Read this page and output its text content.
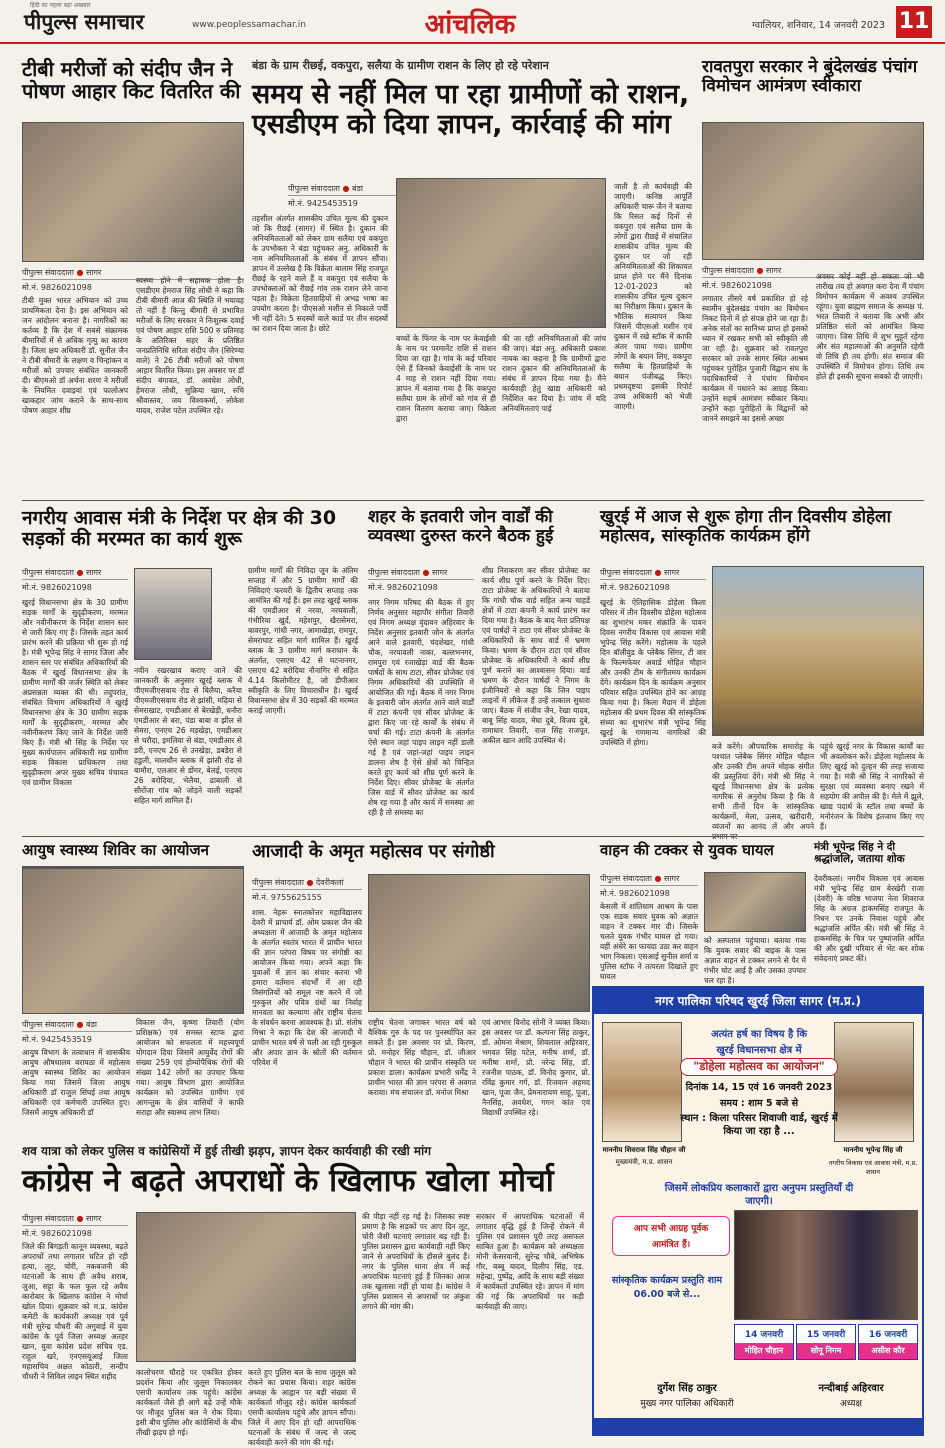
हिंदी का पहला बड़ा अखबार
पीपुल्स समाचार	www.peoplessamachar.in	आंचलिक	ग्वालियर, शनिवार, 14 जनवरी 2023 11
टीबी मरीजों को संदीप जैन ने पोषण आहार किट वितरित की
पीपुल्स संवाददाता ● सागर
मो.नं. 9826021098
टीबी मुक्त भारत अभियान को उच्च प्राथमिकता देना है। इस अभियान को जन आंदोलन बनाना है। नागरिकों का कर्तव्य है कि देश में सबसे संक्रामक बीमारियों में से अधिक गृत्यु का कारण है। जिला क्षय अधिकारी डॉ. सुनील जैन ने टीबी बीमारी के लक्षण व चिन्हांकन व मरीजों को उपचार संबंधित जानकारी दी। बीएमओ डॉ अर्चना शरण ने मरीजों के नियमित दवाइयां एवं फालोअप खाकहार जांच कराने के साथ-साथ पोषण आहार शीघ्र
स्वस्थ्य होने में सहायक होता है। एसडीएम हेमराज सिंह लोधी ने कहा कि टीबी बीमारी आज की स्थिति में भयावह तो नहीं है किन्तु बीमारी से प्रभावित मरीजों के लिए सरकार ने निःशुल्क दवाई एवं पोषण आहार राशि 500 रु प्रतिमाह के अतिरिक्त सहर के प्रतिष्ठित जनप्रतिनिधि सरिता संदीप जैन (सिरेण्या वाले) ने 26 टीबी मरीजों को पोषण आहार वितरित किया। इस अवसर पर डॉ संदीप बंगावत, डॉ. अवधेश लोधी, हेमराज लोधी, सुक्रिया खान, रुचि श्रीवास्तव, जय विश्वकर्मा, लोकेश यादव, राजेश पटेल उपस्थित रहे।
बंडा के ग्राम रीछई, वकपुरा, सलैया के ग्रामीण राशन के लिए हो रहे परेशान
समय से नहीं मिल पा रहा ग्रामीणों को राशन, एसडीएम को दिया ज्ञापन, कार्रवाई की मांग
पीपुल्स संवाददाता ● बंडा
मो.नं. 9425453519
तहसील अंतर्गत शासकीय उचित मूल्य की दुकान जो कि रीछई (सागर) में स्थित है। दुकान की अनियमितताओं को लेकर ग्राम सलैया एवं वकपुरा के उपभोक्ता ने बंडा पहुंचकर अनु. अधिकारी के नाम अनियमितताओं के संबंध में ज्ञापन सौंपा। ज्ञापन में उल्लेख है कि विक्रेता बालाम सिंह राजपूत रीछई के रहने वाले हैं व वकपुरा एवं सलैया के उपभोक्ताओं को रीछई गांव तक राशन लेने जाना पड़ता है। विक्रेता हितग्राहियों से अभद्र भाषा का उपयोग करता है। पीएसओ मशीन से निकाले पर्ची भी नहीं देते। 5 सदस्यों वाले कार्ड पर तीन सदस्यों का राशन दिया जाता है। छोटे
बच्चों के फिंगर के नाम पर केवाईसी के नाम पर परमानेंट राशि से राशन दिया जा रहा है। गांव के कई परिवार ऐसे हैं जिनको केवाईसी के नाम पर 4 माह से राशन नहीं दिया गया। ज्ञापन में बताया गया है कि वकपुरा सलैया ग्राम के लोगों को गांव से ही राशन वितरण कराया जाए। विक्रेता द्वारा
की जा रही अनियमितताओं की जांच की जाए। बंडा अनु. अधिकारी प्रकाश नायक का कहना है कि ग्रामीणों द्वारा राशन दुकान की अनियमितताओं के संबंध में ज्ञापन दिया गया है। मैंने कार्यवाही हेतु खाद्य अधिकारी को निर्देशित कर दिया है। जांच में यदि अनियमितताएं पाई
जाती है तो कार्यवाही की जाएगी। कनिष्ठ आपूर्ति अधिकारी चारू जैन ने बताया कि रिसत कई दिनों से वकपुरा एवं सलैया ग्राम के लोगों द्वारा रीछई में संचालित शासकीय उचित मूल्य की दुकान पर जो रही अनियमितताओं की शिकायत प्राप्त होने पर मैंने दिनांक 12-01-2023 को शासकीय उचित मूल्य दुकान का निरीक्षण किया। दुकान के भौतिक सत्यापन किया जिसमें पीएसओ मशीन एवं दुकान में रखे स्टॉक में काफी अंतर पाया गया। ग्रामीण लोगों के बयान लिए, वकपुरा सलैया के हितग्राहियों के बयान पंजीबद्ध किए। प्रथमदृष्टया इसकी रिपोर्ट उच्च अधिकारी को भेजी जाएगी।
रावतपुरा सरकार ने बुंदेलखंड पंचांग विमोचन आमंत्रण स्वीकारा
पीपुल्स संवाददाता ● सागर
मो.नं. 9826021098
लगातार तीसरे वर्ष प्रकाशित हो रहे स्वामीन बुंदेलखंड पंचांग का विमोचन निकट दिनों में हो संपन्न होने जा रहा है। अनेक संतों का सानिध्य प्राप्त हो इसको ध्यान में रखकर सभी को स्वीकृति ली जा रही है। शुक्रवार को रावतपुरा सरकार को उनके सागर स्थित आश्रम पहुंचकर पुरोहित पुजारी विद्वान संघ के पदाधिकारियों ने पंचांग विमोचन कार्यक्रम में पधारने का आग्रह किया। उन्होंने सहर्ष आमंत्रण स्वीकार किया। उन्होंने कहा पुरोहितों के विद्वानों को जानने समझने का इससे अच्छा
अवसर कोई नहीं हो सकता जो भी तारीख तय हो अवगत करा देना मैं पंचांग विमोचन कार्यक्रम में अवश्य उपस्थित रहूंगा। युवा ब्राह्मण समाज के अध्यक्ष पं. भरत तिवारी ने बताया कि अभी और प्रतिष्ठित संतों को आमंत्रित किया जाएगा। जिस तिथि में शुभ मुहूर्त रहेगा और संत महात्माओं की अनुमति रहेगी वो तिथि ही तय होगी। संत समाज की उपस्थिति में विमोचन होगा। तिथि तय होते ही इसकी सूचना सबको दी जाएगी।
नगरीय आवास मंत्री के निर्देश पर क्षेत्र की 30 सड़कों की मरम्मत का कार्य शुरू
पीपुल्स संवाददाता ● सागर
मो.नं. 9826021098
खुरई विधानसभा क्षेत्र के 30 ग्रामीण सड़क मार्गों के सुदृढ़ीकरण, मरम्मत और नवीनीकरण के निर्देश शासन स्तर से जारी किए गए हैं। जिसके तहत कार्य प्रारंभ करने की प्रक्रिया भी शुरू हो गई है। मंत्री भूपेन्द्र सिंह ने सागर जिला और शासन स्तर पर संबंधित अधिकारियों की बैठक में खुरई विधानसभा क्षेत्र के ग्रामीण मार्गों की जर्जर स्थिति को लेकर अप्रसन्नता व्यक्त की थी। तदुपरांत, संबंधित विभाग अधिकारियों ने खुरई विधानसभा क्षेत्र के 30 ग्रामीण सड़क मार्गों के सुदृढ़ीकरण, मरम्मत और नवीनीकरण किए जाने के निर्देश जारी किए हैं। मंत्री श्री सिंह के निर्देश पर मुख्य कार्यपालन अधिकारी मप्र ग्रामीण सड़क विकास प्राधिकरण तथा सुदृढ़ीकरण अपर मुख्य सचिव पंचायत एवं ग्रामीण विकास
नवीन रखरखाव कराए जाने की जानकारी के अनुसार खुरई ब्लाक में पीएमजीएसवाय रोड से बिलैया, करैया पीएमजीएसवाय रोड से झांसी, मढ़िया से सेमराखाट, एमडीआर से बेरखेड़ी, धनौरा एमडीआर से बरा, पंडा बाबा व झील से सेमरा, एनएच 26 मड़खेड़ा, एमडीआर से चरौदा, इमलिया से बंडा, एमडीआर से डरी, एनएच 26 से उनखेड़ा, डबडेरा से हडुली, मालथौन ब्लाक में झांसी रोड से बामौरा, एलआर से डोंगर, बेलई, एनएच 26 बरोदिया, भेलैया, ढाबाली से सीरोंजा गांव को जोड़ने वाली सड़कों सहित मार्ग शामिल हैं।
ग्रामीण मार्गों की निविदा जून के अंतिम सप्ताह में और 5 ग्रामीण मार्गों की निविदाएं फरवरी के द्वितीय सप्ताह तक आमंत्रित की गई हैं। इस तरह खुरई ब्लाक की एमडीआर से नरवा, नरयवाली, गंभीरिया खुर्द, महेशपुर, खैरासेमरा, बावरपुर, गांधी नगर, आमाखेड़ा, रामपुर, सेमराघाट सहित मार्ग शामिल हैं। खुरई ब्लाक के 3 ग्रामीण मार्ग कराधान के अंतर्गत, एसएच 42 से घटनानगर, एसएच 42 बरोदिया नौनागिर से सहित 4.14 किलोमीटर है, जो डीपीआर स्वीकृति के लिए विचाराधीन है। खुरई विधानसभा क्षेत्र में 30 सड़कों की मरम्मत कराई जाएगी।
शहर के इतवारी जोन वार्डों की व्यवस्था दुरुस्त करने बैठक हुई
पीपुल्स संवाददाता ● सागर
मो.नं. 9826021098
नगर निगम परिषद की बैठक में हुए निर्णय अनुसार महापौर संगीता तिवारी एवं निगम अध्यक्ष वृंदावन अहिरवार के निर्देश अनुसार इतवारी जोन के अंतर्गत आने वाले इतवारी, चंदशेखर, गांधी चौक, नरयावली नाका, बल्लभनगर, रामपुरा एवं रजाखेड़ा वार्ड की बैठक पार्षदों के साथ टाटा, सीवर प्रोजेक्ट एवं निगम अधिकारियों की उपस्थिति में आयोजित की गई। बैठक में नगर निगम के इतवारी जोन अंतर्गत आने वाले वार्डों में टाटा कंपनी एवं सीवर प्रोजेक्ट के द्वारा किए जा रहे कार्यों के संबंध में चर्चा की गई। टाटा कंपनी के अंतर्गत ऐसे स्थान जहां पाइप लाइन नहीं डाली गई है एवं जहां-जहां पाइप लाइन डालना शेष है ऐसे क्षेत्रों को चिन्हित करते हुए कार्य को शीघ्र पूर्ण करने के निर्देश दिए। सीवर प्रोजेक्ट के अंतर्गत जिस वार्ड में सीवर प्रोजेक्ट का कार्य शेष रह गया है और कार्य में समस्या आ रही है तो समस्या का
शीघ्र निराकरण कर सीवर प्रोजेक्ट का कार्य शीघ्र पूर्ण करने के निर्देश दिए। टाटा प्रोजेक्ट के अधिकारियों ने बताया कि गांधी चौक वार्ड सहित अन्य चाहडें क्षेत्रों में टाटा कंपनी ने कार्य प्रारंभ कर दिया गया है। बैठक के बाद नेता प्रतिपक्ष एवं पार्षदों ने टाटा एवं सीवर प्रोजेक्ट के अधिकारियों के साथ वार्ड में भ्रमण किया। भ्रमण के दौरान टाटा एवं सीवर प्रोजेक्ट के अधिकारियों ने कार्य शीघ्र पूर्ण कराने का आश्वासन दिया। वार्ड भ्रमण के दौरान पार्षदों ने निगम के इंजीनियरों से कहा कि जिन पाइप लाइनों में लीकेज हैं उन्हें तत्काल सुधारा जाए। बैठक में संजीव जैन, रेखा यादव, बाबू सिंह यादव, मेघा दुबे, विजय दुबे, रामाधार तिवारी, राज सिंह राजपूत, अकील खान आदि उपस्थित थे।
खुरई में आज से शुरू होगा तीन दिवसीय डोहेला महोत्सव, सांस्कृतिक कार्यक्रम होंगे
पीपुल्स संवाददाता ● सागर
मो.नं. 9826021098
खुरई के ऐतिहासिक डोहेला किला परिसर में तीन दिवसीय डोहेला महोत्सव का शुभारंभ मकर संक्रांति के पावन दिवस नगरीय विकास एवं आवास मंत्री भूपेन्द्र सिंह करेंगे। महोत्सव के पहले दिन बॉलीवुड के प्लेबैक सिंगर, टी वार के फिल्मफेयर अवार्ड मोहित चौहान और उनकी टीम के संगीतमय कार्यक्रम देंगे। कार्यक्रम दिन के कार्यक्रम अनुसार परिवार सहित उपस्थित होने का आग्रह किया गया है। किला मैदान में डोहेला महोत्सव की प्रथम दिवस की सांस्कृतिक संध्या का शुभारंभ मंत्री भूपेन्द्र सिंह खुरई के गणमान्य नागरिकों की उपस्थिति में होगा।	बजे करेंगे। औपचारिक समारोह के पश्चात प्लेबैक सिंगर मोहित चौहान और उनकी टीम अपने मोहक संगीत की प्रस्तुतियां देंगे। मंत्री श्री सिंह ने खुरई विधानसभा क्षेत्र के प्रत्येक नागरिक से अनुरोध किया है कि वे सभी तीनों दिन के सांस्कृतिक कार्यक्रमों, मेला, उत्सव, खरीदारी, व्यंजनों का आनंद लें और अपने
पहुंचे खुरई नगर के विकास कार्यों का भी अवलोकन करें। डोहेला महोत्सव के लिए खुरई को दुल्हन की तरह सजाया गया है। मंत्री श्री सिंह ने नागरिकों से सुरक्षा एवं व्यवस्था बनाए रखने में सहयोग की अपील की है। मेले में झूले, खाद्य पदार्थ के स्टॉल तथा बच्चों के मनोरंजन के विशेष इंतजाम किए गए हैं।
आयुष स्वास्थ्य शिविर का आयोजन
पीपुल्स संवाददाता ● बंडा
मो.नं. 9425453519
आयुष विभाग के तत्वाधान में शासकीय आयुष औषधालय बरायठा में महोत्सव आयुष स्वास्थ्य शिविर का आयोजन किया गया जिसमें जिला आयुष अधिकारी डॉ राजुल सिंघई तथा आयुष अधिकारी एवं कर्मचारी उपस्थित हुए। जिसमें आयुष अधिकारी डॉ
विकास जैन, कृष्णा तिवारी (योग प्रशिक्षक) एवं समस्त स्टाफ द्वारा आयोजन को सफलता में महत्त्वपूर्ण योगदान दिया जिसमें आयुर्वेद रोगों की संख्या 259 एवं होम्योपैथिक रोगों की संख्या 142 लोगों का उपचार किया गया। आयुष विभाग द्वारा आयोजित कार्यक्रम को उपस्थित ग्रामीण एवं आगन्तुक के क्षेत्र वासियों ने काफी सराहा और स्वास्थ्य लाभ लिया।
आजादी के अमृत महोत्सव पर संगोष्ठी
पीपुल्स संवाददाता ● देवरीकलां
मो.नं. 9755625155
शास. नेहरू स्नातकोत्तर महाविद्यालय देवरी में प्राचार्य डॉ. ओम प्रकाश जैन की अध्यक्षता में आजादी के अमृत महोत्सव के अंतर्गत स्वतंत्र भारत में प्राचीन भारत की ज्ञान परंपरा विषय पर संगोष्ठी का आयोजन किया गया। अपने कहा कि युवाओं में ज्ञान का संचार करना भी हमारा वर्तमान संदर्भों में आ रही विसंगतियों को समूल नष्ट करने में जो गुरुकुल और पवित्र ग्रंथों का निर्वाह मानवता का कल्याण और राष्ट्रीय चेतना के संवर्धन करना आवश्यक है। प्रो. संतोष मिश्रा ने कहा कि देश की आजादी में प्राचीन भारत वर्ष से चली आ रही गुरुकुल और अपार ज्ञान के स्रोतों की वर्तमान परिवेश में
राष्ट्रीय चेतना जगाकर भारत वर्ष को वैश्विक गुरु के पद पर पुनर्स्थापित कर सकते हैं। इस अवसर पर प्रो. किरण, प्रो. मनोहर सिंह चौहान, डॉ. जीआर चौहान ने भारत की प्राचीन संस्कृति पर प्रकाश डाला। कार्यक्रम प्रभारी धर्मेंद्र ने प्राचीन भारत की ज्ञान परंपरा से अवगत कराया। मंच संचालन डॉ. मनोज मिश्रा
एवं आभार विनोद सोनी ने व्यक्त किया। इस अवसर पर डॉ. कल्पना सिंह ठाकुर, डॉ. ओमना मेश्राम, शिवलाल अहिरवार, भगवत सिंह पटेल, मनीष शर्मा, डॉ. मनीषा शर्मा, प्रो. नरेन्द्र सिंह, डॉ. रजनीश पाठक, डॉ. विनोद कुमार, प्रो. रविंद्र कुमार गर्ग, डॉ. रिजवान अहमद खान, पूजा जैन, प्रेमनारायण साहू, पूजा, नैनसिंह, अवधेश, गगन कांत एवं विद्यार्थी उपस्थित रहे।
वाहन की टक्कर से युवक घायल
पीपुल्स संवाददाता ● सागर
मो.नं. 9826021098
केसली में शांतिधाम आश्रम के पास एक सडक सवार युवक को अज्ञात वाहन ने टक्कर मार दी। जिसके चलते युवक गंभीर घायल हो गया। वहीं अंधेरे का फायदा उठा कर वाहन भाग निकला। एसआई सुनील शर्मा व पुलिस स्टॉफ ने तत्परता दिखाते हुए घायल
को अस्पताल पहुंचाया। बताया गया कि युवक सवार की बाइक के पास अज्ञात वाहन से टक्कर लगने से पैर में गंभीर चोट आई है और उसका उपचार चल रहा है।
मंत्री भूपेन्द्र सिंह ने दी श्रद्धांजलि, जताया शोक
देवरीकलां। नगरीय विकास एवं आवास मंत्री भूपेन्द्र सिंह ग्राम बेरखेरी राजा (देवरी) के वरिष्ठ भाजपा नेता शिवराज सिंह के अग्रज हाकमसिंह राजपूत के निधन पर उनके निवास पहुंचे और श्रद्धांजलि अर्पित की। मंत्री श्री सिंह ने हाकमसिंह के चित्र पर पुष्पांजलि अर्पित की और दुखी परिवार से भेंट कर शोक संवेदनाएं प्रकट कीं।
नगर पालिका परिषद खुरई जिला सागर (म.प्र.)
अत्यंत हर्ष का विषय है कि
खुरई विधानसभा क्षेत्र में
"डोहेला महोत्सव का आयोजन"
दिनांक 14, 15 एवं 16 जनवरी 2023
समय : शाम 5 बजे से
स्थान : किला परिसर शिवाजी वार्ड, खुरई में किया जा रहा है ...
माननीय शिवराज सिंह चौहान जी
मुख्यमंत्री, म.प्र. शासन
माननीय भूपेन्द्र सिंह जी
नगरीय विकास एवं आवास मंत्री, म.प्र. शासन
जिसमें लोकप्रिय कलाकारों द्वारा अनुपम प्रस्तुतियाँ दी जाएगी।
आप सभी आग्रह पूर्वक
आमंत्रित हैं।
सांस्कृतिक कार्यक्रम प्रस्तुति शाम 06.00 बजे से...
14 जनवरी
मोहित चौहान
15 जनवरी
सोनू निगम
16 जनवरी
असीस कौर
दुर्गेश सिंह ठाकुर
मुख्य नगर पालिका अधिकारी
नन्दीबाई अहिरवार
अध्यक्ष
शव यात्रा को लेकर पुलिस व कांग्रेसियों में हुई तीखी झड़प, ज्ञापन देकर कार्यवाही की रखी मांग
कांग्रेस ने बढ़ते अपराधों के खिलाफ खोला मोर्चा
पीपुल्स संवाददाता ● सागर
मो.नं. 9826021098
जिले की बिगड़ती कानून व्यवस्था, बढ़ते अपराधों तथा लगातार घटित हो रही हत्या, लूट, चोरी, नकबजनी की घटनाओं के साथ ही अवैध शराब, जुआ, सट्टा के फल फूल रहे अवैध कारोबार के खिलाफ कांग्रेस ने मोर्चा खोल दिया। शुक्रवार को म.प्र. कांग्रेस कमेटी के कार्यकारी अध्यक्ष एवं पूर्व मंत्री सुरेन्द्र चौधरी की अगुवाई में युवा कांग्रेस के पूर्व जिला अध्यक्ष अतहर खान, युवा कांग्रेस प्रदेश सचिव एड. राहुल खरे, एनएसयूआई जिला महासचिव अक्षत कोठारी, सन्दीप चौधरी ने सिविल लाइन स्थित शहीद	कालोचरण चौराहे पर एकत्रित होकर प्रदर्शन किया और जुलूस निकालकर एसपी कार्यालय तक पहुंचे। कांग्रेस कार्यकर्ता जैसे ही आगे बढ़े उन्हें मौके पर मौजूद पुलिस बल ने रोक दिया। इसी बीच पुलिस और कांग्रेसियों के बीच तीखी झड़प हो गई।
करते हुए पुलिस बल के साथ जुलूस को रोकने का प्रयास किया। शहर कांग्रेस अध्यक्ष के आह्वान पर बड़ी संख्या में कार्यकर्ता मौजूद रहे। कांग्रेस कार्यकर्ता एसपी कार्यालय पहुंचे और ज्ञापन सौंपा। जिले में आए दिन हो रही आपराधिक घटनाओं के संबंध में जल्द से जल्द कार्यवाही करने की मांग की गई।
की पीड़ा नहीं रह गई है। जिसका स्पष्ट प्रमाण है कि सड़कों पर आए दिन लूट, चोरी जैसी घटनाएं लगातार बढ़ रही हैं। पुलिस प्रशासन द्वारा कार्यवाही नहीं किए जाने से अपराधियों के हौसले बुलंद हैं। नगर के पुलिस थाना क्षेत्र में कई अपराधिक घटनाएं हुई हैं जिनका आज तक खुलासा नहीं हो पाया है। कांग्रेस ने पुलिस प्रशासन से अपराधों पर अंकुश लगाने की मांग की।
सरकार में आपराधिक घटनाओं में लगातार वृद्धि हुई है जिन्हें रोकने में पुलिस एवं प्रशासन पूरी तरह असफल साबित हुआ है। कार्यक्रम को अध्यक्षता मोनी केसरवानी, सुरेन्द्र चौबे, अभिषेक गौर, बब्बू यादव, दिलीप सिंह, एड. महेन्द्रा, पुष्पेंद्र, आदि के साथ बड़ी संख्या में कार्यकर्ता उपस्थित रहे। ज्ञापन में मांग की गई कि अपराधियों पर कड़ी कार्यवाही की जाए।
